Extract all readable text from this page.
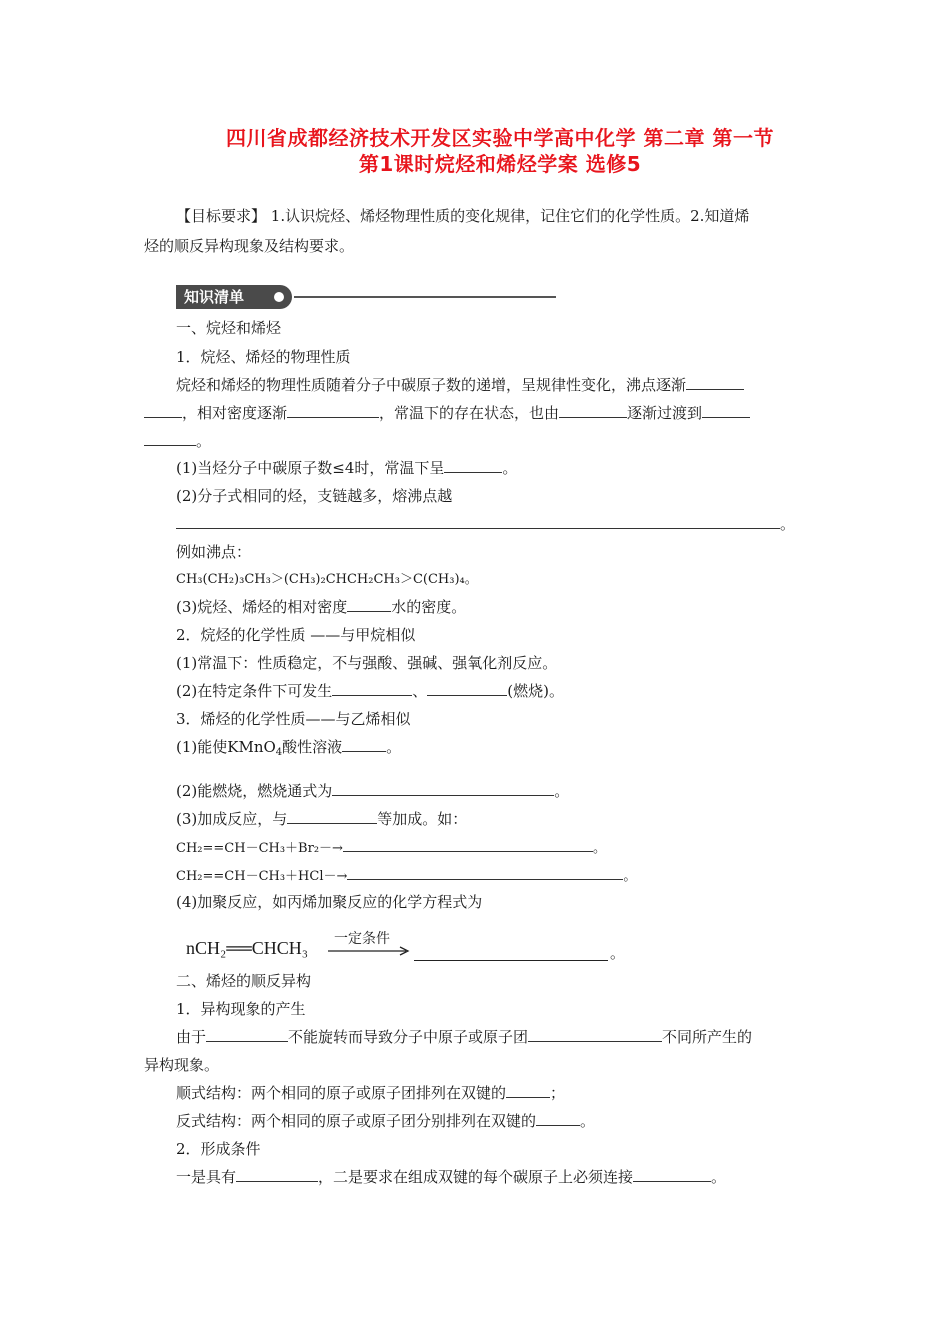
四川省成都经济技术开发区实验中学高中化学 第二章 第一节
第1课时烷烃和烯烃学案 选修5
【目标要求】 1.认识烷烃、烯烃物理性质的变化规律，记住它们的化学性质。2.知道烯
烃的顺反异构现象及结构要求。
知识清单
一、烷烃和烯烃
1．烷烃、烯烃的物理性质
烷烃和烯烃的物理性质随着分子中碳原子数的递增，呈规律性变化，沸点逐渐
，相对密度逐渐	，常温下的存在状态，也由	逐渐过渡到
。
(1)当烃分子中碳原子数≤4时，常温下呈	。
(2)分子式相同的烃，支链越多，熔沸点越
。
例如沸点：
CH₃(CH₂)₃CH₃＞(CH₃)₂CHCH₂CH₃＞C(CH₃)₄。
(3)烷烃、烯烃的相对密度	水的密度。
2．烷烃的化学性质 ——与甲烷相似
(1)常温下：性质稳定，不与强酸、强碱、强氧化剂反应。
(2)在特定条件下可发生	、	(燃烧)。
3．烯烃的化学性质——与乙烯相似
(1)能使KMnO$_4$酸性溶液	。
(2)能燃烧，燃烧通式为	。
(3)加成反应，与	等加成。如：
CH₂==CH－CH₃＋Br₂－→	。
CH₂==CH－CH₃＋HCl－→	。
(4)加聚反应，如丙烯加聚反应的化学方程式为
nCH₂══CHCH₃ 一定条件
。
二、烯烃的顺反异构
1．异构现象的产生
由于	不能旋转而导致分子中原子或原子团	不同所产生的
异构现象。
顺式结构：两个相同的原子或原子团排列在双键的	；
反式结构：两个相同的原子或原子团分别排列在双键的	。
2．形成条件
一是具有	，二是要求在组成双键的每个碳原子上必须连接	。
